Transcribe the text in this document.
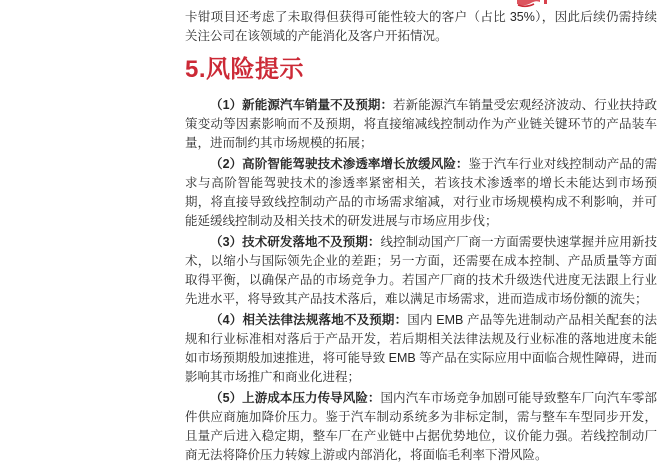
卡钳项目还考虑了未取得但获得可能性较大的客户（占比 35%），因此后续仍需持续关注公司在该领域的产能消化及客户开拓情况。

5.风险提示

（1）新能源汽车销量不及预期：若新能源汽车销量受宏观经济波动、行业扶持政策变动等因素影响而不及预期，将直接缩减线控制动作为产业链关键环节的产品装车量，进而制约其市场规模的拓展；

（2）高阶智能驾驶技术渗透率增长放缓风险：鉴于汽车行业对线控制动产品的需求与高阶智能驾驶技术的渗透率紧密相关，若该技术渗透率的增长未能达到市场预期，将直接导致线控制动产品的市场需求缩减，对行业市场规模构成不利影响，并可能延缓线控制动及相关技术的研发进展与市场应用步伐；

（3）技术研发落地不及预期：线控制动国产厂商一方面需要快速掌握并应用新技术，以缩小与国际领先企业的差距；另一方面，还需要在成本控制、产品质量等方面取得平衡，以确保产品的市场竞争力。若国产厂商的技术升级迭代进度无法跟上行业先进水平，将导致其产品技术落后，难以满足市场需求，进而造成市场份额的流失；

（4）相关法律法规落地不及预期：国内 EMB 产品等先进制动产品相关配套的法规和行业标准相对落后于产品开发，若后期相关法律法规及行业标准的落地进度未能如市场预期般加速推进，将可能导致 EMB 等产品在实际应用中面临合规性障碍，进而影响其市场推广和商业化进程；

（5）上游成本压力传导风险：国内汽车市场竞争加剧可能导致整车厂向汽车零部件供应商施加降价压力。鉴于汽车制动系统多为非标定制，需与整车车型同步开发，且量产后进入稳定期，整车厂在产业链中占据优势地位，议价能力强。若线控制动厂商无法将降价压力转嫁上游或内部消化，将面临毛利率下滑风险。
